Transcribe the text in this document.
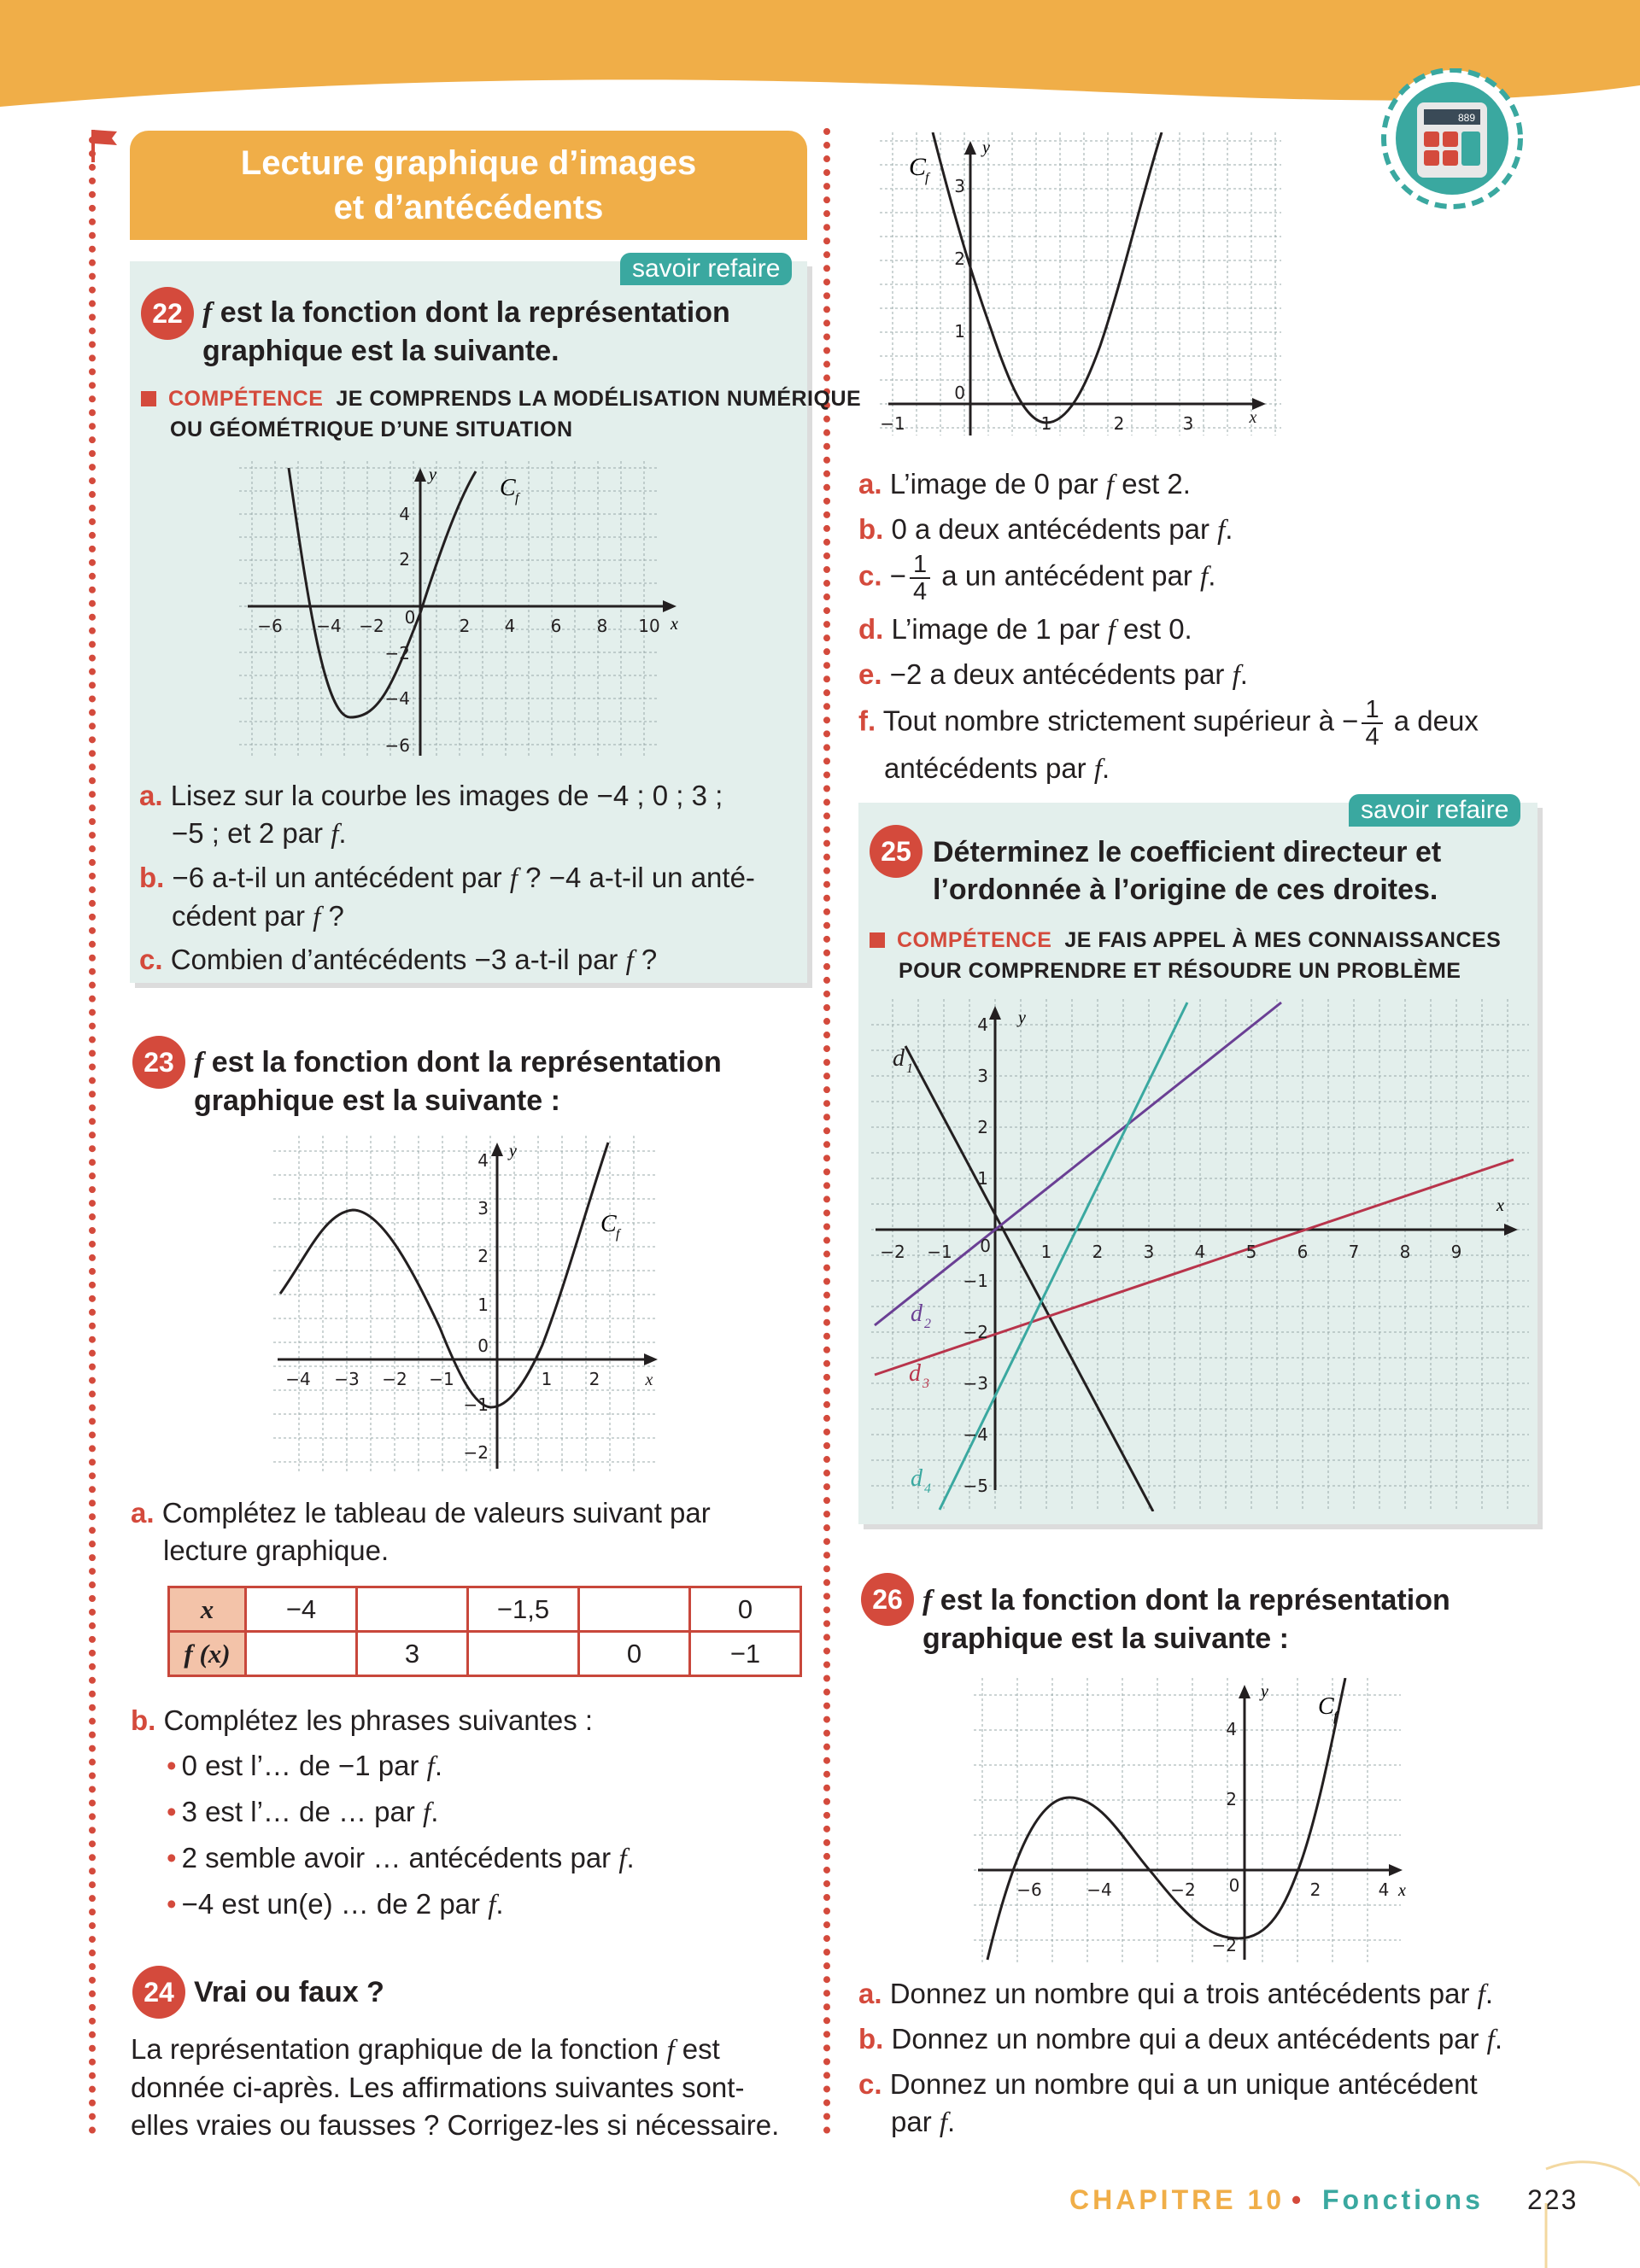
889
Lecture graphique d’images
et d’antécédents
savoir refaire
22 f est la fonction dont la représentation
graphique est la suivante.
COMPÉTENCE JE COMPRENDS LA MODÉLISATION NUMÉRIQUE
OU GÉOMÉTRIQUE D’UNE SITUATION
−6 −4 −2 0	2 4 6 8 10
4
2
−2
−4
−6
x
y	C f
a. Lisez sur la courbe les images de −4 ; 0 ; 3 ;
−5 ; et 2 par f.
b. −6 a-t-il un antécédent par f ? −4 a-t-il un anté-
cédent par f ?
c. Combien d’antécédents −3 a-t-il par f ?
23 f est la fonction dont la représentation
graphique est la suivante :
−4 −3 −2 −1	1 2	x
4
3
2
1
0
−1
−2
y
C f
a. Complétez le tableau de valeurs suivant par
lecture graphique.
x	−4		−1,5		0
f (x)		3		0	−1
b. Complétez les phrases suivantes :
• 0 est l’… de −1 par f.
• 3 est l’… de … par f.
• 2 semble avoir … antécédents par f.
• −4 est un(e) … de 2 par f.
24 Vrai ou faux ?
La représentation graphique de la fonction f est
donnée ci-après. Les affirmations suivantes sont-
elles vraies ou fausses ? Corrigez-les si nécessaire.
−1	1	2	3	x
3
2
1
0
y
C
f
a. L’image de 0 par f est 2.
b. 0 a deux antécédents par f.
c. − $\frac{1}{4}$ a un antécédent par f.
d. L’image de 1 par f est 0.
e. −2 a deux antécédents par f.
f. Tout nombre strictement supérieur à − $\frac{1}{4}$ a deux
antécédents par f.
savoir refaire
25 Déterminez le coefficient directeur et
l’ordonnée à l’origine de ces droites.
COMPÉTENCE JE FAIS APPEL À MES CONNAISSANCES
POUR COMPRENDRE ET RÉSOUDRE UN PROBLÈME
−2 −1	1 2 3 4 5 6 7 8 9
4
3
2
1
−1
−2
−3
−4
−5
0
x
y
d 1
d 2
d 3
d 4
26 f est la fonction dont la représentation
graphique est la suivante :
−6	−4	−2 0	2	4
4
2
−2
x
y
C f
a. Donnez un nombre qui a trois antécédents par f.
b. Donnez un nombre qui a deux antécédents par f.
c. Donnez un nombre qui a un unique antécédent
par f.
CHAPITRE 10 • Fonctions 223
